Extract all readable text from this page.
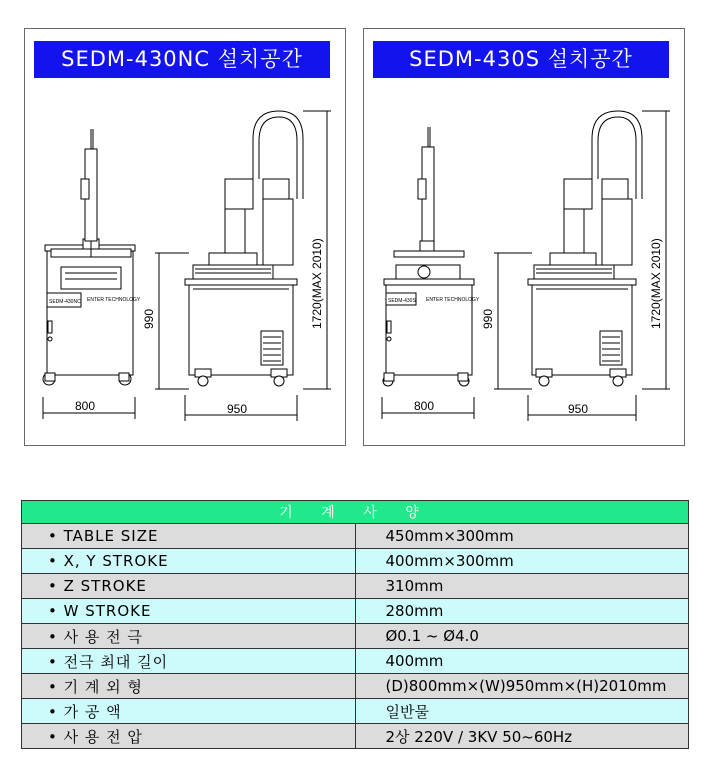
SEDM-430NC 설치공간
SEDM-430NC ENTER TECHNOLOGY
800
990	1720(MAX 2010)
950
SEDM-430S 설치공간
SEDM-430S ENTER TECHNOLOGY
800
990	1720(MAX 2010)
950
기 계 사 양	
• TABLE SIZE	450mm×300mm
• X, Y STROKE	400mm×300mm
• Z STROKE	310mm
• W STROKE	280mm
• 사 용 전 극	Ø0.1 ~ Ø4.0
• 전극 최대 길이	400mm
• 기 계 외 형	(D)800mm×(W)950mm×(H)2010mm
• 가 공 액	일반물
• 사 용 전 압	2상 220V / 3KV 50~60Hz
